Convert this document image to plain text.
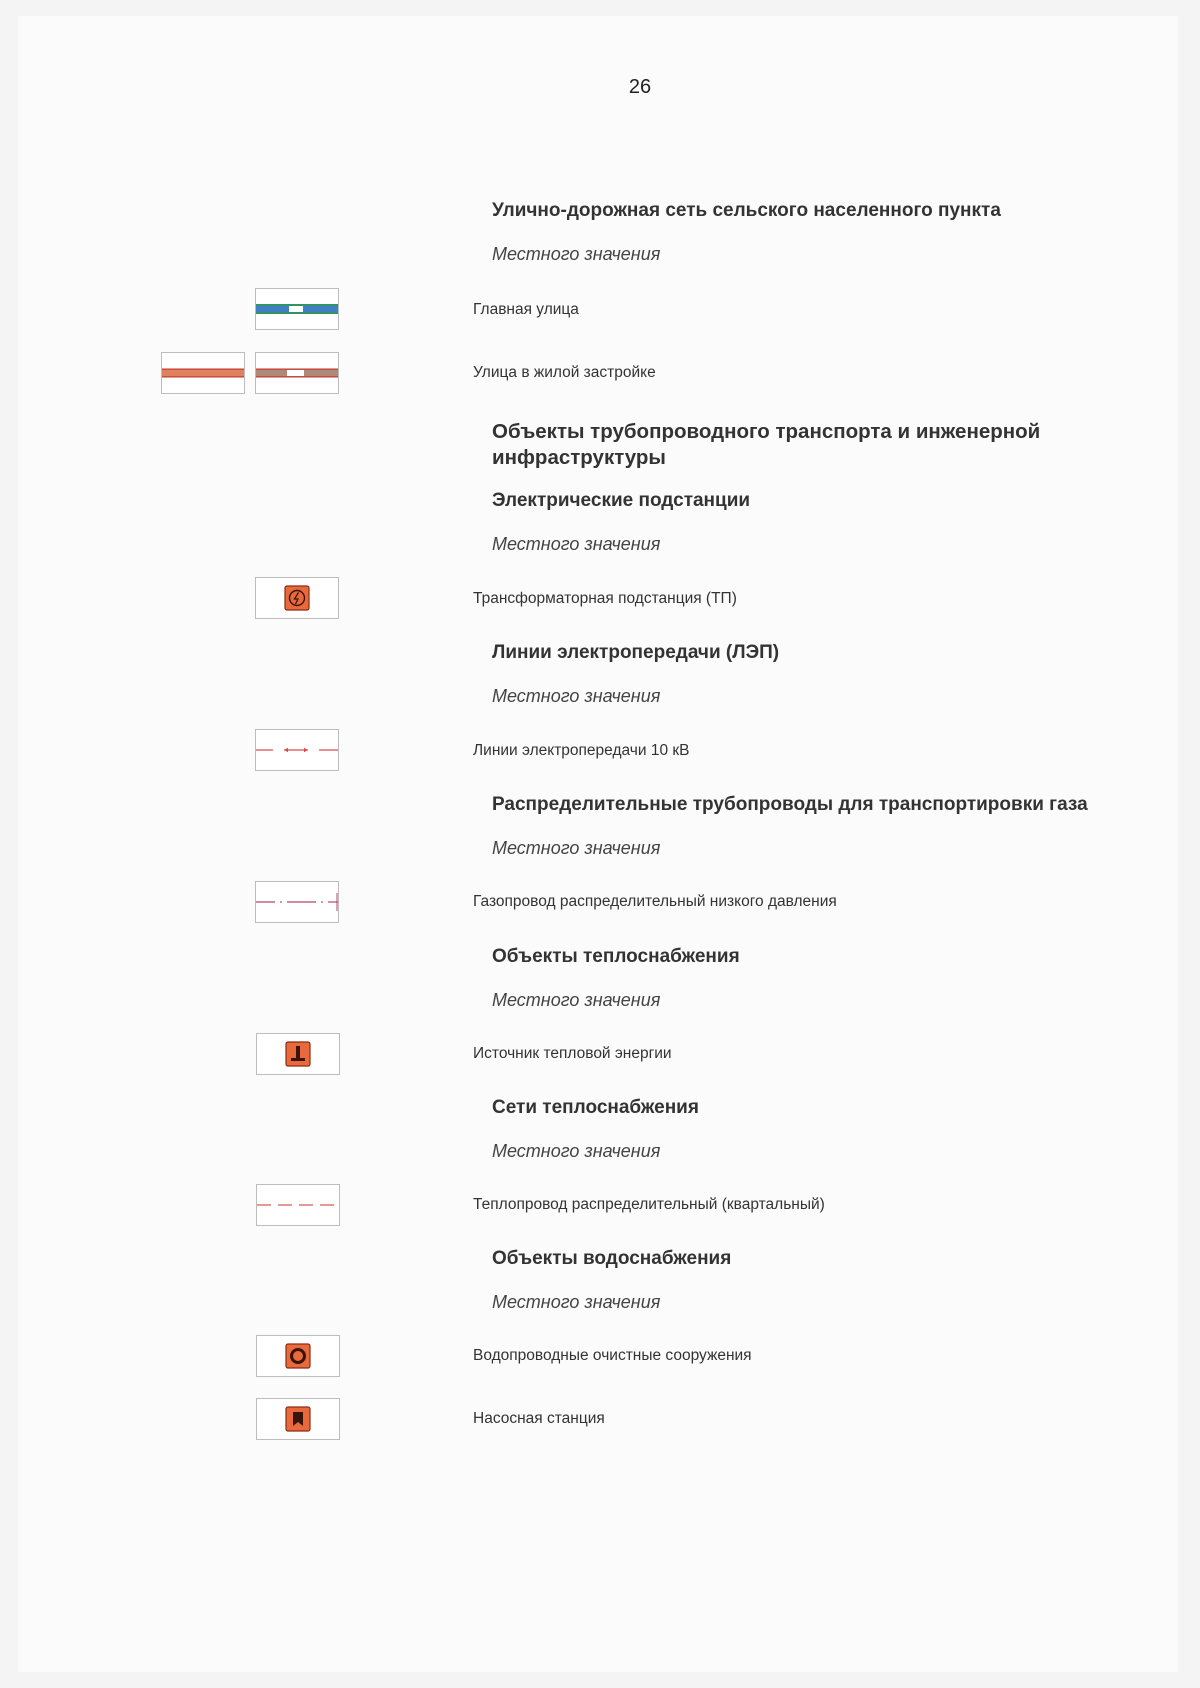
26
Улично-дорожная сеть сельского населенного пункта
Местного значения
Главная улица
Улица в жилой застройке
Объекты трубопроводного транспорта и инженерной инфраструктуры
Электрические подстанции
Местного значения
Трансформаторная подстанция (ТП)
Линии электропередачи (ЛЭП)
Местного значения
Линии электропередачи 10 кВ
Распределительные трубопроводы для транспортировки газа
Местного значения
Газопровод распределительный низкого давления
Объекты теплоснабжения
Местного значения
Источник тепловой энергии
Сети теплоснабжения
Местного значения
Теплопровод распределительный (квартальный)
Объекты водоснабжения
Местного значения
Водопроводные очистные сооружения
Насосная станция
